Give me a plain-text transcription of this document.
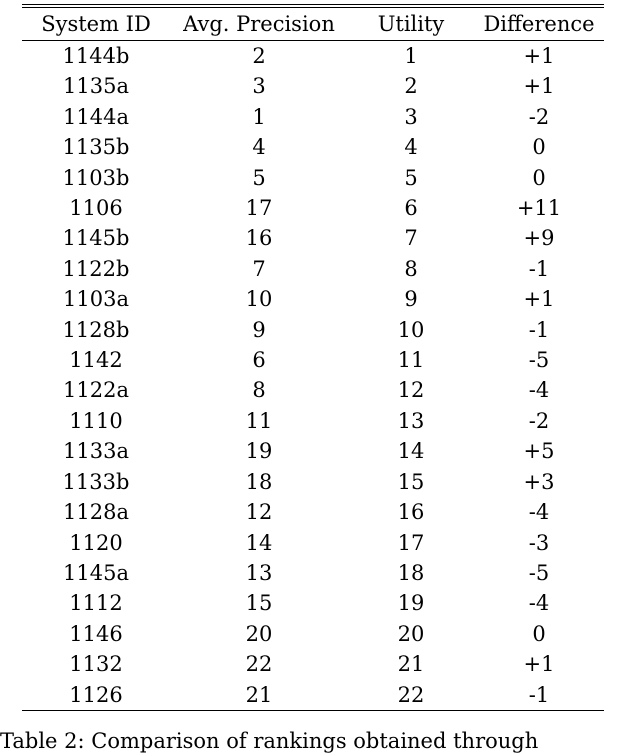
System ID	Avg. Precision	Utility	Difference
1144b	2	1	+1
1135a	3	2	+1
1144a	1	3	-2
1135b	4	4	0
1103b	5	5	0
1106	17	6	+11
1145b	16	7	+9
1122b	7	8	-1
1103a	10	9	+1
1128b	9	10	-1
1142	6	11	-5
1122a	8	12	-4
1110	11	13	-2
1133a	19	14	+5
1133b	18	15	+3
1128a	12	16	-4
1120	14	17	-3
1145a	13	18	-5
1112	15	19	-4
1146	20	20	0
1132	22	21	+1
1126	21	22	-1
Table 2: Comparison of rankings obtained through
